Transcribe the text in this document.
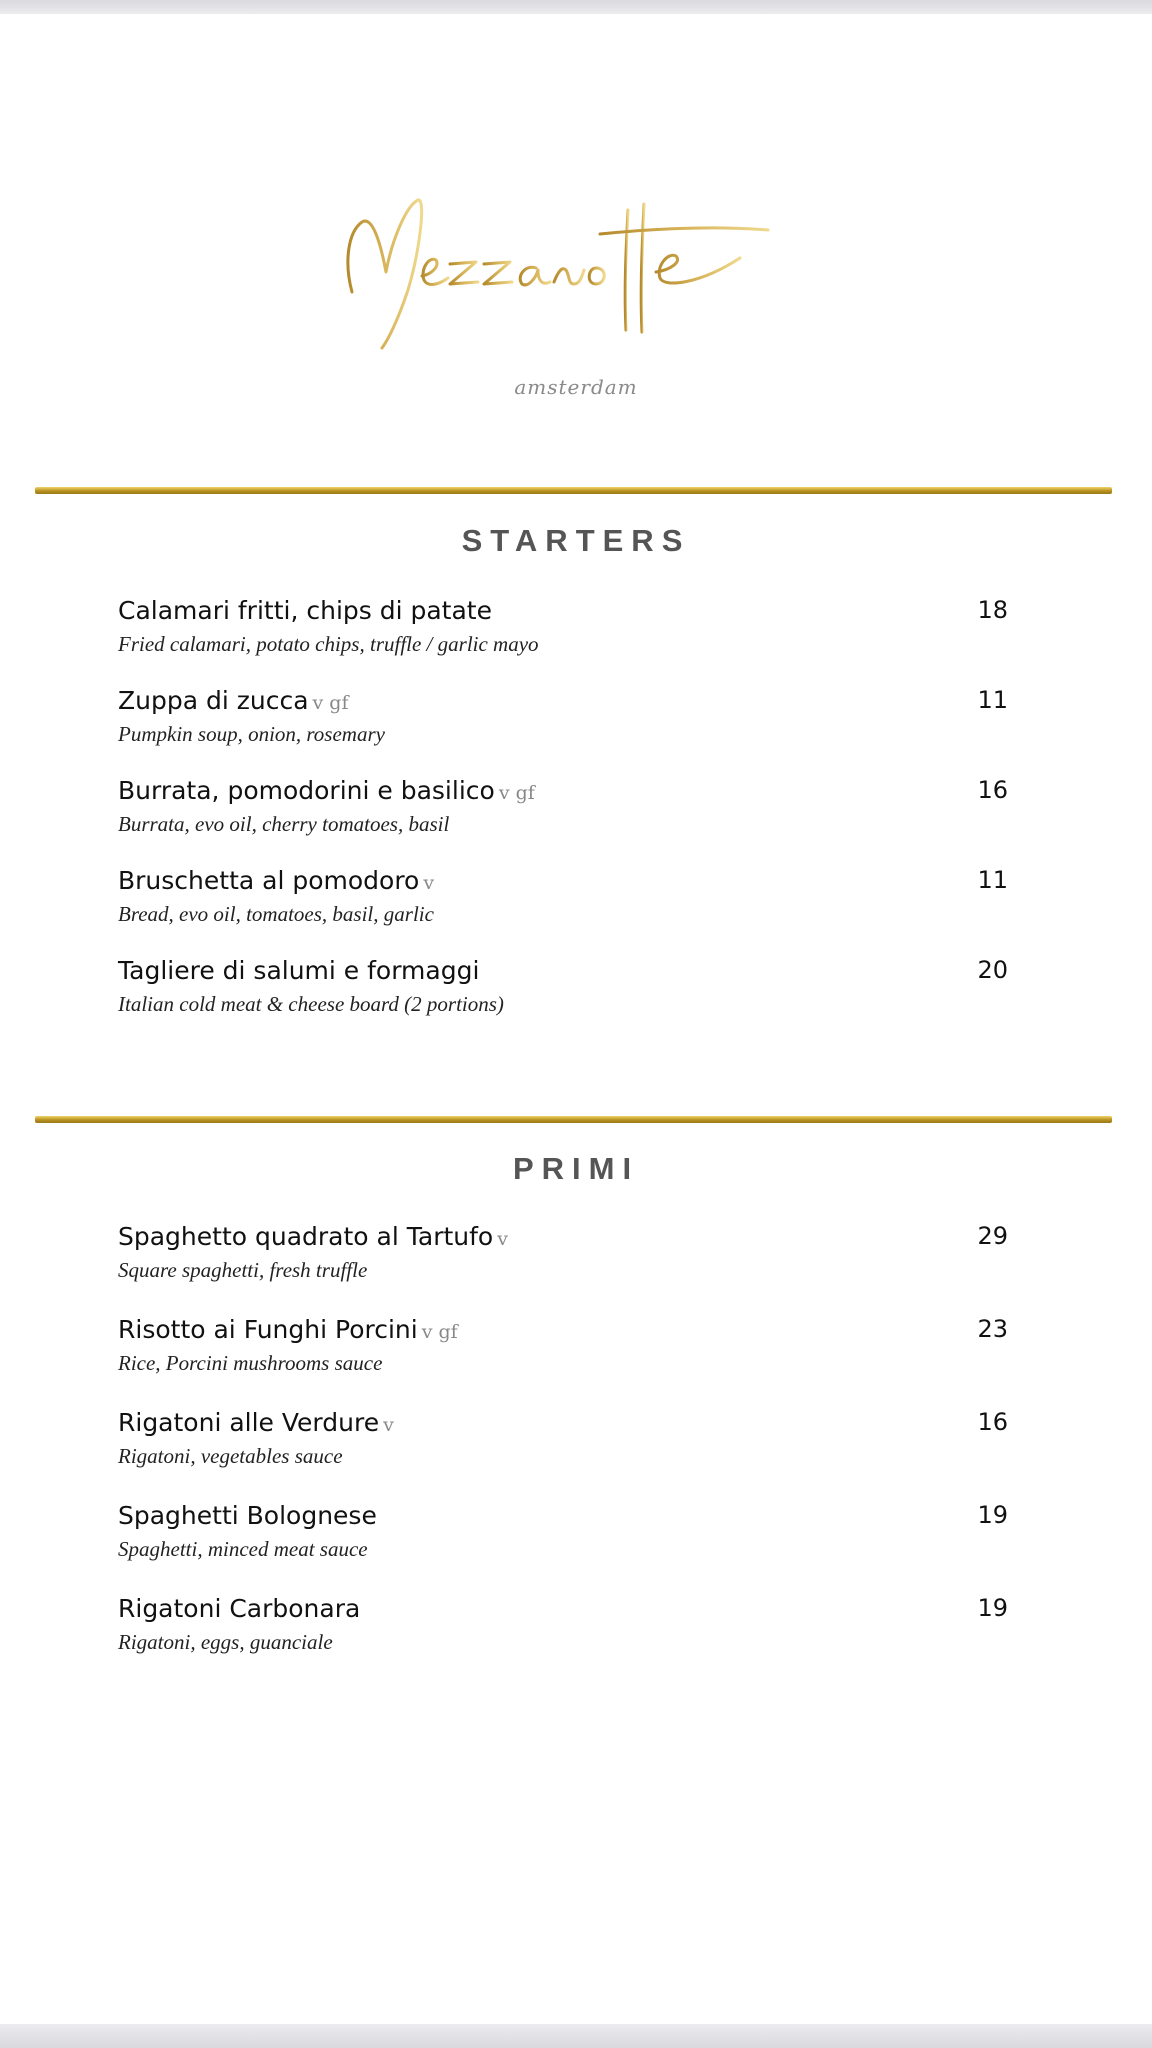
amsterdam
STARTERS
Calamari fritti, chips di patate	18
Fried calamari, potato chips, truffle / garlic mayo
Zuppa di zucca v gf	11
Pumpkin soup, onion, rosemary
Burrata, pomodorini e basilico v gf	16
Burrata, evo oil, cherry tomatoes, basil
Bruschetta al pomodoro v	11
Bread, evo oil, tomatoes, basil, garlic
Tagliere di salumi e formaggi	20
Italian cold meat & cheese board (2 portions)
PRIMI
Spaghetto quadrato al Tartufo v	29
Square spaghetti, fresh truffle
Risotto ai Funghi Porcini v gf	23
Rice, Porcini mushrooms sauce
Rigatoni alle Verdure v	16
Rigatoni, vegetables sauce
Spaghetti Bolognese	19
Spaghetti, minced meat sauce
Rigatoni Carbonara	19
Rigatoni, eggs, guanciale
